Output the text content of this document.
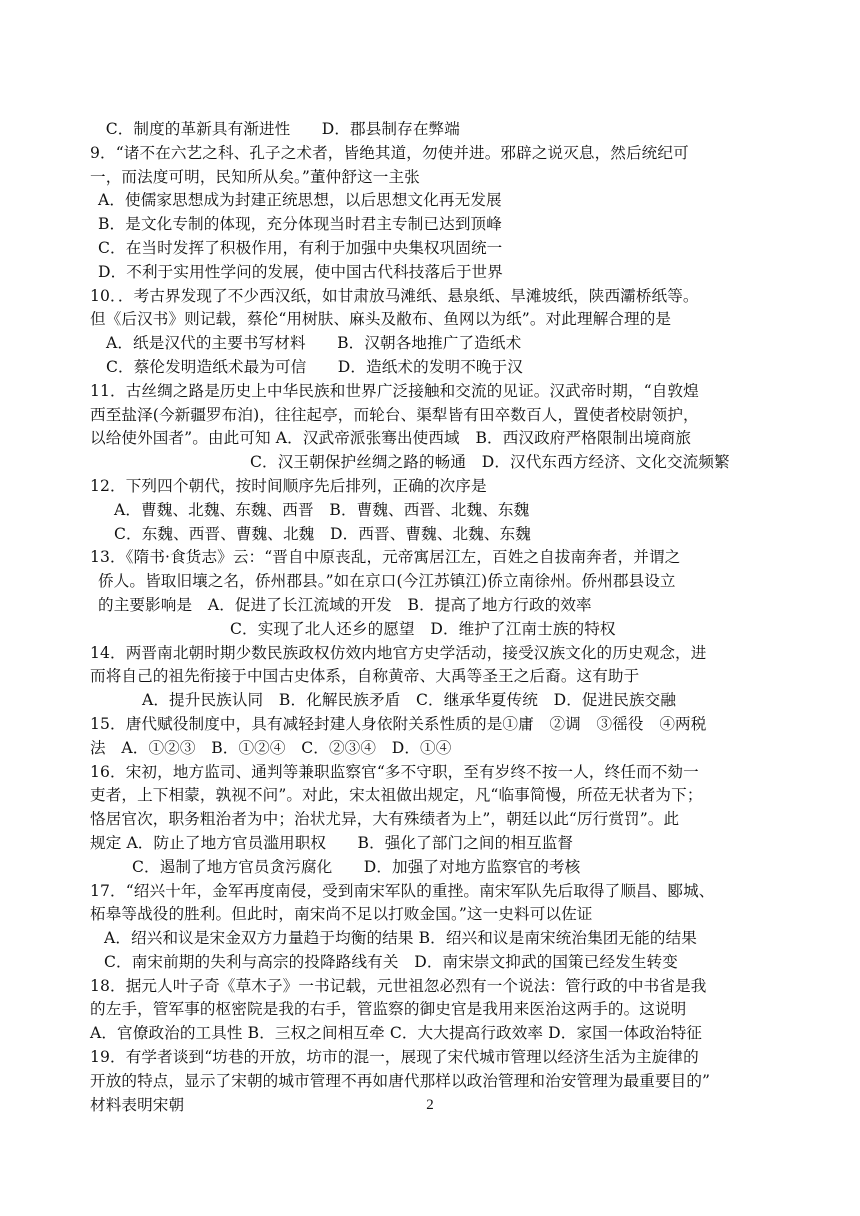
　C．制度的革新具有渐进性　　D．郡县制存在弊端
9．“诸不在六艺之科、孔子之术者，皆绝其道，勿使并进。邪辟之说灭息，然后统纪可
一，而法度可明，民知所从矣。”董仲舒这一主张
A．使儒家思想成为封建正统思想，以后思想文化再无发展
B．是文化专制的体现，充分体现当时君主专制已达到顶峰
C．在当时发挥了积极作用，有利于加强中央集权巩固统一
D．不利于实用性学问的发展，使中国古代科技落后于世界
10．．考古界发现了不少西汉纸，如甘肃放马滩纸、悬泉纸、旱滩坡纸，陕西灞桥纸等。
但《后汉书》则记载，蔡伦“用树肤、麻头及敝布、鱼网以为纸”。对此理解合理的是
A．纸是汉代的主要书写材料　　B．汉朝各地推广了造纸术
C．蔡伦发明造纸术最为可信　　D．造纸术的发明不晚于汉
11．古丝绸之路是历史上中华民族和世界广泛接触和交流的见证。汉武帝时期，“自敦煌
西至盐泽(今新疆罗布泊)，往往起亭，而轮台、渠犁皆有田卒数百人，置使者校尉领护，
以给使外国者”。由此可知 A．汉武帝派张骞出使西域　B．西汉政府严格限制出境商旅
C．汉王朝保护丝绸之路的畅通　D．汉代东西方经济、文化交流频繁
12．下列四个朝代，按时间顺序先后排列，正确的次序是
A．曹魏、北魏、东魏、西晋　B．曹魏、西晋、北魏、东魏
C．东魏、西晋、曹魏、北魏　D．西晋、曹魏、北魏、东魏
13．《隋书·食货志》云：“晋自中原丧乱，元帝寓居江左，百姓之自拔南奔者，并谓之
侨人。皆取旧壤之名，侨州郡县。”如在京口(今江苏镇江)侨立南徐州。侨州郡县设立
的主要影响是　A．促进了长江流域的开发　B．提高了地方行政的效率
C．实现了北人还乡的愿望　D．维护了江南士族的特权
14．两晋南北朝时期少数民族政权仿效内地官方史学活动，接受汉族文化的历史观念，进
而将自己的祖先衔接于中国古史体系，自称黄帝、大禹等圣王之后裔。这有助于
A．提升民族认同　B．化解民族矛盾　C．继承华夏传统　D．促进民族交融
15．唐代赋役制度中，具有减轻封建人身依附关系性质的是①庸　②调　③徭役　④两税
法　A．①②③　B．①②④　C．②③④　D．①④
16．宋初，地方监司、通判等兼职监察官“多不守职，至有岁终不按一人，终任而不劾一
吏者，上下相蒙，孰视不问”。对此，宋太祖做出规定，凡“临事简慢，所莅无状者为下；
恪居官次，职务粗治者为中；治状尤异，大有殊绩者为上”，朝廷以此“厉行赏罚”。此
规定 A．防止了地方官员滥用职权　　B．强化了部门之间的相互监督
C．遏制了地方官员贪污腐化　　D．加强了对地方监察官的考核
17．“绍兴十年，金军再度南侵，受到南宋军队的重挫。南宋军队先后取得了顺昌、郾城、
柘皋等战役的胜利。但此时，南宋尚不足以打败金国。”这一史料可以佐证
A．绍兴和议是宋金双方力量趋于均衡的结果 B．绍兴和议是南宋统治集团无能的结果
C．南宋前期的失利与高宗的投降路线有关　D．南宋崇文抑武的国策已经发生转变
18．据元人叶子奇《草木子》一书记载，元世祖忽必烈有一个说法：管行政的中书省是我
的左手，管军事的枢密院是我的右手，管监察的御史官是我用来医治这两手的。这说明
A．官僚政治的工具性 B．三权之间相互牵 C．大大提高行政效率 D．家国一体政治特征
19．有学者谈到“坊巷的开放，坊市的混一，展现了宋代城市管理以经济生活为主旋律的
开放的特点，显示了宋朝的城市管理不再如唐代那样以政治管理和治安管理为最重要目的”
材料表明宋朝	2
